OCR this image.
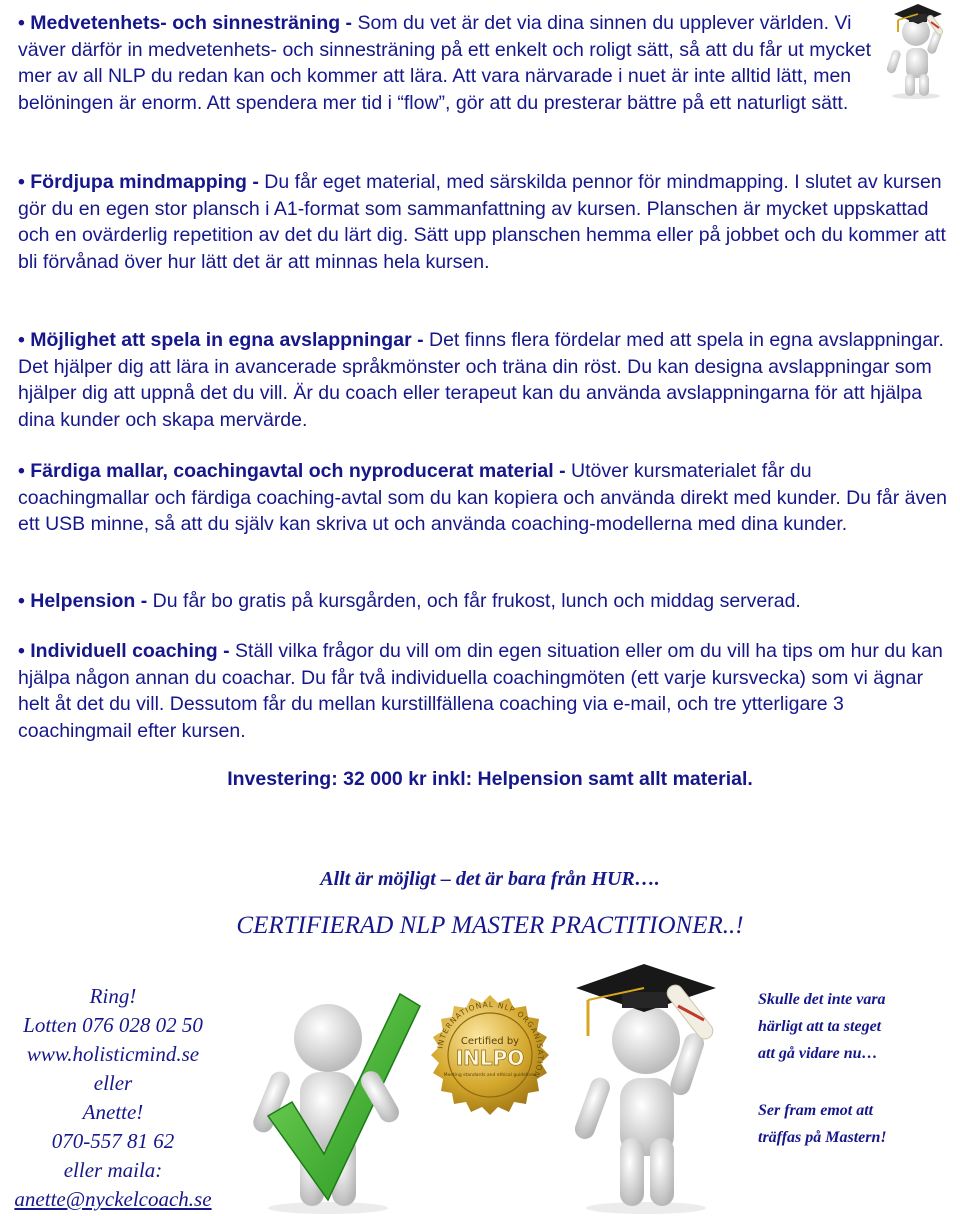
• Medvetenhets- och sinnesträning - Som du vet är det via dina sinnen du upplever världen. Vi väver därför in medvetenhets- och sinnesträning på ett enkelt och roligt sätt, så att du får ut mycket mer av all NLP du redan kan och kommer att lära. Att vara närvarade i nuet är inte alltid lätt, men belöningen är enorm. Att spendera mer tid i “flow”, gör att du presterar bättre på ett naturligt sätt.

• Fördjupa mindmapping - Du får eget material, med särskilda pennor för mindmapping. I slutet av kursen gör du en egen stor plansch i A1-format som sammanfattning av kursen. Planschen är mycket uppskattad och en ovärderlig repetition av det du lärt dig. Sätt upp planschen hemma eller på jobbet och du kommer att bli förvånad över hur lätt det är att minnas hela kursen.

• Möjlighet att spela in egna avslappningar - Det finns flera fördelar med att spela in egna avslappningar. Det hjälper dig att lära in avancerade språkmönster och träna din röst. Du kan designa avslappningar som hjälper dig att uppnå det du vill. Är du coach eller terapeut kan du använda avslappningarna för att hjälpa dina kunder och skapa mervärde.

• Färdiga mallar, coachingavtal och nyproducerat material - Utöver kursmaterialet får du coachingmallar och färdiga coaching-avtal som du kan kopiera och använda direkt med kunder. Du får även ett USB minne, så att du själv kan skriva ut och använda coaching-modellerna med dina kunder.

• Helpension - Du får bo gratis på kursgården, och får frukost, lunch och middag serverad.

• Individuell coaching - Ställ vilka frågor du vill om din egen situation eller om du vill ha tips om hur du kan hjälpa någon annan du coachar. Du får två individuella coachingmöten (ett varje kursvecka) som vi ägnar helt åt det du vill. Dessutom får du mellan kurstillfällena coaching via e-mail, och tre ytterligare 3 coachingmail efter kursen.

Investering: 32 000 kr inkl: Helpension samt allt material.
Allt är möjligt – det är bara från HUR….
CERTIFIERAD NLP MASTER PRACTITIONER..!
Ring!
Lotten 076 028 02 50
www.holisticmind.se
eller
Anette!
070-557 81 62
eller maila:
anette@nyckelcoach.se
INTERNATIONAL NLP ORGANISATION
Certified by
INLPO
Meeting standards and ethical guidelines
Skulle det inte vara
härligt att ta steget
att gå vidare nu…
Ser fram emot att
träffas på Mastern!
